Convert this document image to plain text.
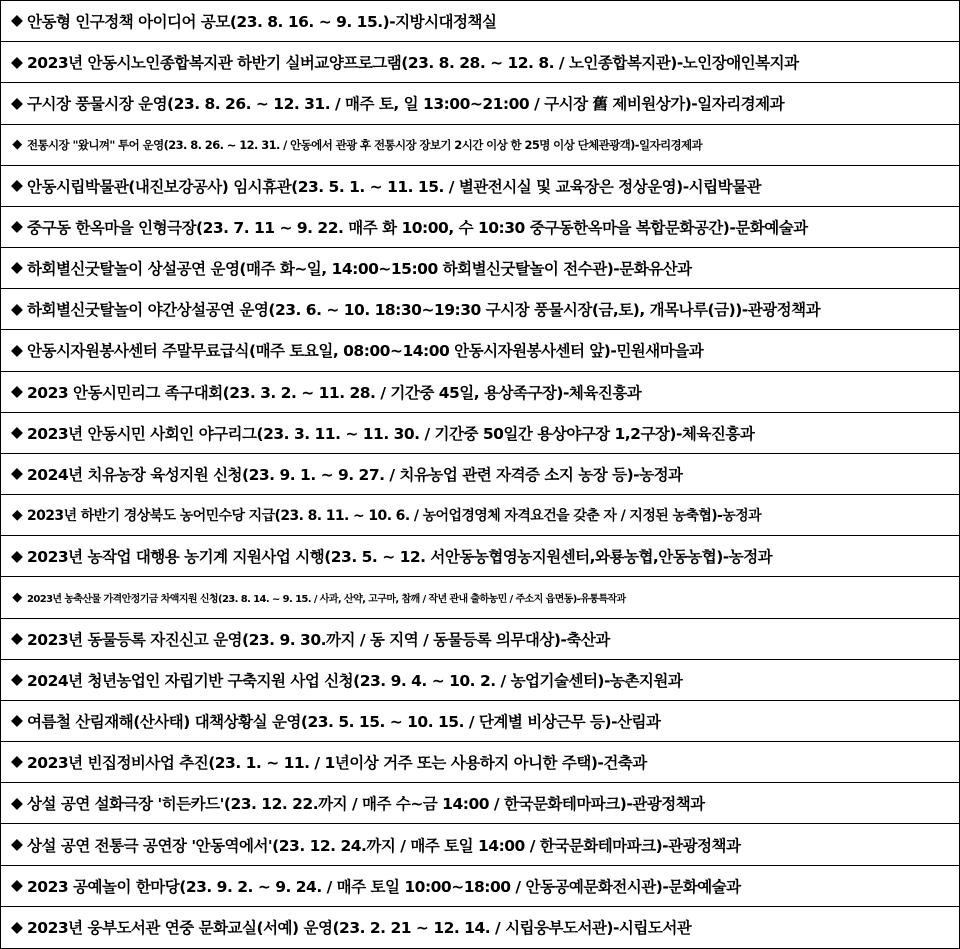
◆ 안동형 인구정책 아이디어 공모(23. 8. 16. ~ 9. 15.)-지방시대정책실
◆ 2023년 안동시노인종합복지관 하반기 실버교양프로그램(23. 8. 28. ~ 12. 8. / 노인종합복지관)-노인장애인복지과
◆ 구시장 풍물시장 운영(23. 8. 26. ~ 12. 31. / 매주 토, 일 13:00~21:00 / 구시장 舊 제비원상가)-일자리경제과
◆ 전통시장 "왔니껴" 투어 운영(23. 8. 26. ~ 12. 31. / 안동에서 관광 후 전통시장 장보기 2시간 이상 한 25명 이상 단체관광객)-일자리경제과
◆ 안동시립박물관(내진보강공사) 임시휴관(23. 5. 1. ~ 11. 15. / 별관전시실 및 교육장은 정상운영)-시립박물관
◆ 중구동 한옥마을 인형극장(23. 7. 11 ~ 9. 22. 매주 화 10:00, 수 10:30 중구동한옥마을 복합문화공간)-문화예술과
◆ 하회별신굿탈놀이 상설공연 운영(매주 화~일, 14:00~15:00 하회별신굿탈놀이 전수관)-문화유산과
◆ 하회별신굿탈놀이 야간상설공연 운영(23. 6. ~ 10. 18:30~19:30 구시장 풍물시장(금,토), 개목나루(금))-관광정책과
◆ 안동시자원봉사센터 주말무료급식(매주 토요일, 08:00~14:00 안동시자원봉사센터 앞)-민원새마을과
◆ 2023 안동시민리그 족구대회(23. 3. 2. ~ 11. 28. / 기간중 45일, 용상족구장)-체육진흥과
◆ 2023년 안동시민 사회인 야구리그(23. 3. 11. ~ 11. 30. / 기간중 50일간 용상야구장 1,2구장)-체육진흥과
◆ 2024년 치유농장 육성지원 신청(23. 9. 1. ~ 9. 27. / 치유농업 관련 자격증 소지 농장 등)-농정과
◆ 2023년 하반기 경상북도 농어민수당 지급(23. 8. 11. ~ 10. 6. / 농어업경영체 자격요건을 갖춘 자 / 지정된 농축협)-농정과
◆ 2023년 농작업 대행용 농기계 지원사업 시행(23. 5. ~ 12. 서안동농협영농지원센터,와룡농협,안동농협)-농정과
◆ 2023년 농축산물 가격안정기금 차액지원 신청(23. 8. 14. ~ 9. 15. / 사과, 산약, 고구마, 참깨 / 작년 관내 출하농민 / 주소지 읍면동)-유통특작과
◆ 2023년 동물등록 자진신고 운영(23. 9. 30.까지 / 동 지역 / 동물등록 의무대상)-축산과
◆ 2024년 청년농업인 자립기반 구축지원 사업 신청(23. 9. 4. ~ 10. 2. / 농업기술센터)-농촌지원과
◆ 여름철 산림재해(산사태) 대책상황실 운영(23. 5. 15. ~ 10. 15. / 단계별 비상근무 등)-산림과
◆ 2023년 빈집정비사업 추진(23. 1. ~ 11. / 1년이상 거주 또는 사용하지 아니한 주택)-건축과
◆ 상설 공연 설화극장 '히든카드'(23. 12. 22.까지 / 매주 수~금 14:00 / 한국문화테마파크)-관광정책과
◆ 상설 공연 전통극 공연장 '안동역에서'(23. 12. 24.까지 / 매주 토일 14:00 / 한국문화테마파크)-관광정책과
◆ 2023 공예놀이 한마당(23. 9. 2. ~ 9. 24. / 매주 토일 10:00~18:00 / 안동공예문화전시관)-문화예술과
◆ 2023년 웅부도서관 연중 문화교실(서예) 운영(23. 2. 21 ~ 12. 14. / 시립웅부도서관)-시립도서관
